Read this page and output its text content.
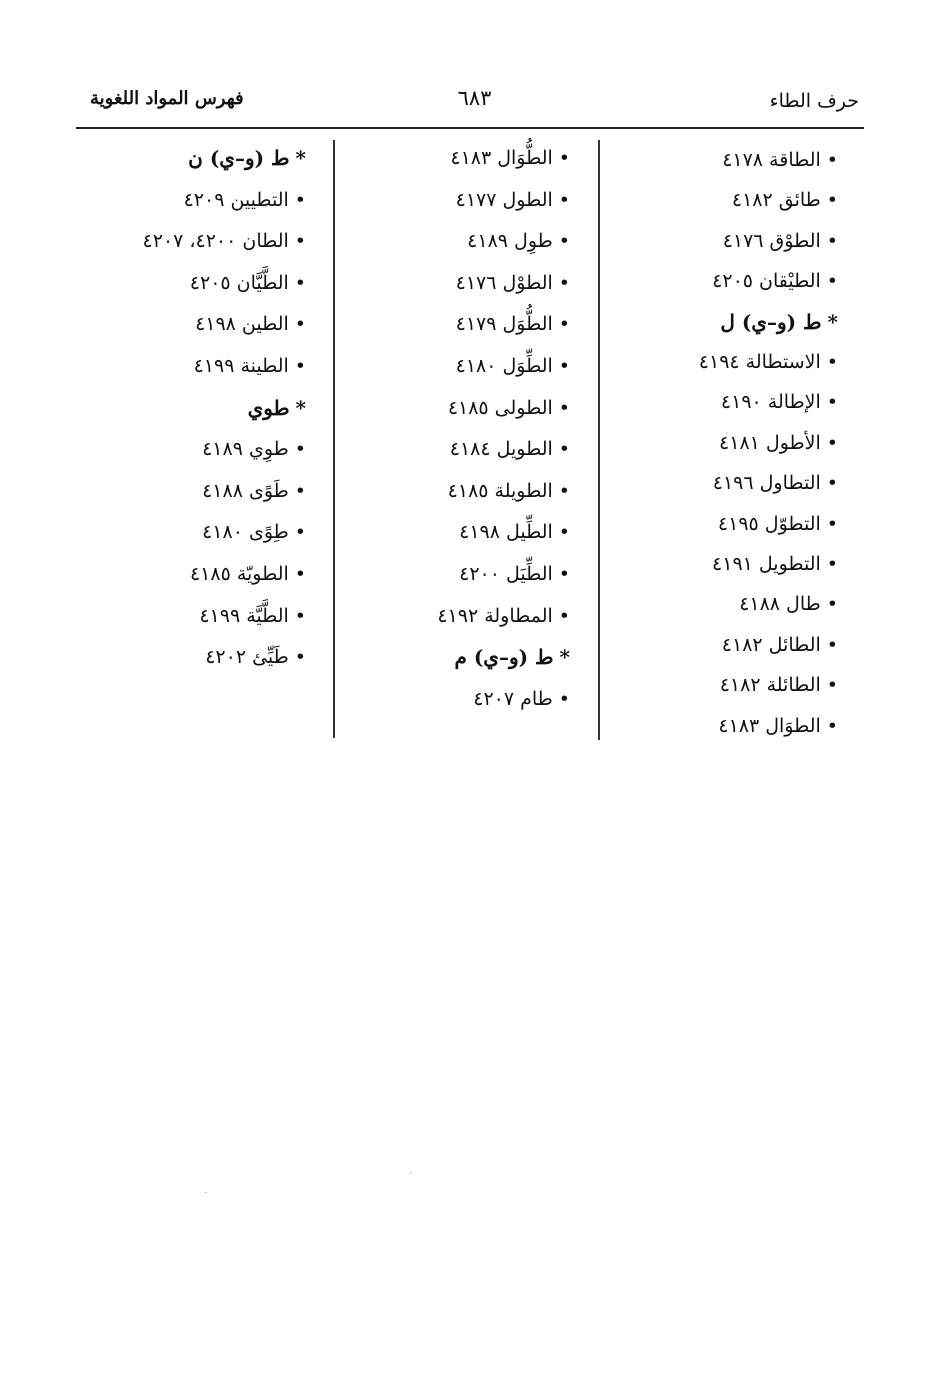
حرف الطاء
٦٨٣
فهرس المواد اللغوية
•الطاقة ٤١٧٨
•طائق ٤١٨٢
•الطوْق ٤١٧٦
•الطيْقان ٤٢٠٥
*ط (و–ي) ل
•الاستطالة ٤١٩٤
•الإطالة ٤١٩٠
•الأطول ٤١٨١
•التطاول ٤١٩٦
•التطوّل ٤١٩٥
•التطويل ٤١٩١
•طال ٤١٨٨
•الطائل ٤١٨٢
•الطائلة ٤١٨٢
•الطوَال ٤١٨٣
•الطُّوَال ٤١٨٣
•الطول ٤١٧٧
•طوِل ٤١٨٩
•الطوْل ٤١٧٦
•الطُّوَل ٤١٧٩
•الطِّوَل ٤١٨٠
•الطولى ٤١٨٥
•الطويل ٤١٨٤
•الطويلة ٤١٨٥
•الطِّيل ٤١٩٨
•الطِّيَل ٤٢٠٠
•المطاولة ٤١٩٢
*ط (و–ي) م
•طام ٤٢٠٧
*ط (و–ي) ن
•التطيين ٤٢٠٩
•الطان ٤٢٠٠، ٤٢٠٧
•الطَّيَّان ٤٢٠٥
•الطين ٤١٩٨
•الطينة ٤١٩٩
*طوي
•طوِي ٤١٨٩
•طَوًى ٤١٨٨
•طِوًى ٤١٨٠
•الطويّة ٤١٨٥
•الطَّيَّة ٤١٩٩
•طَيِّئ ٤٢٠٢
